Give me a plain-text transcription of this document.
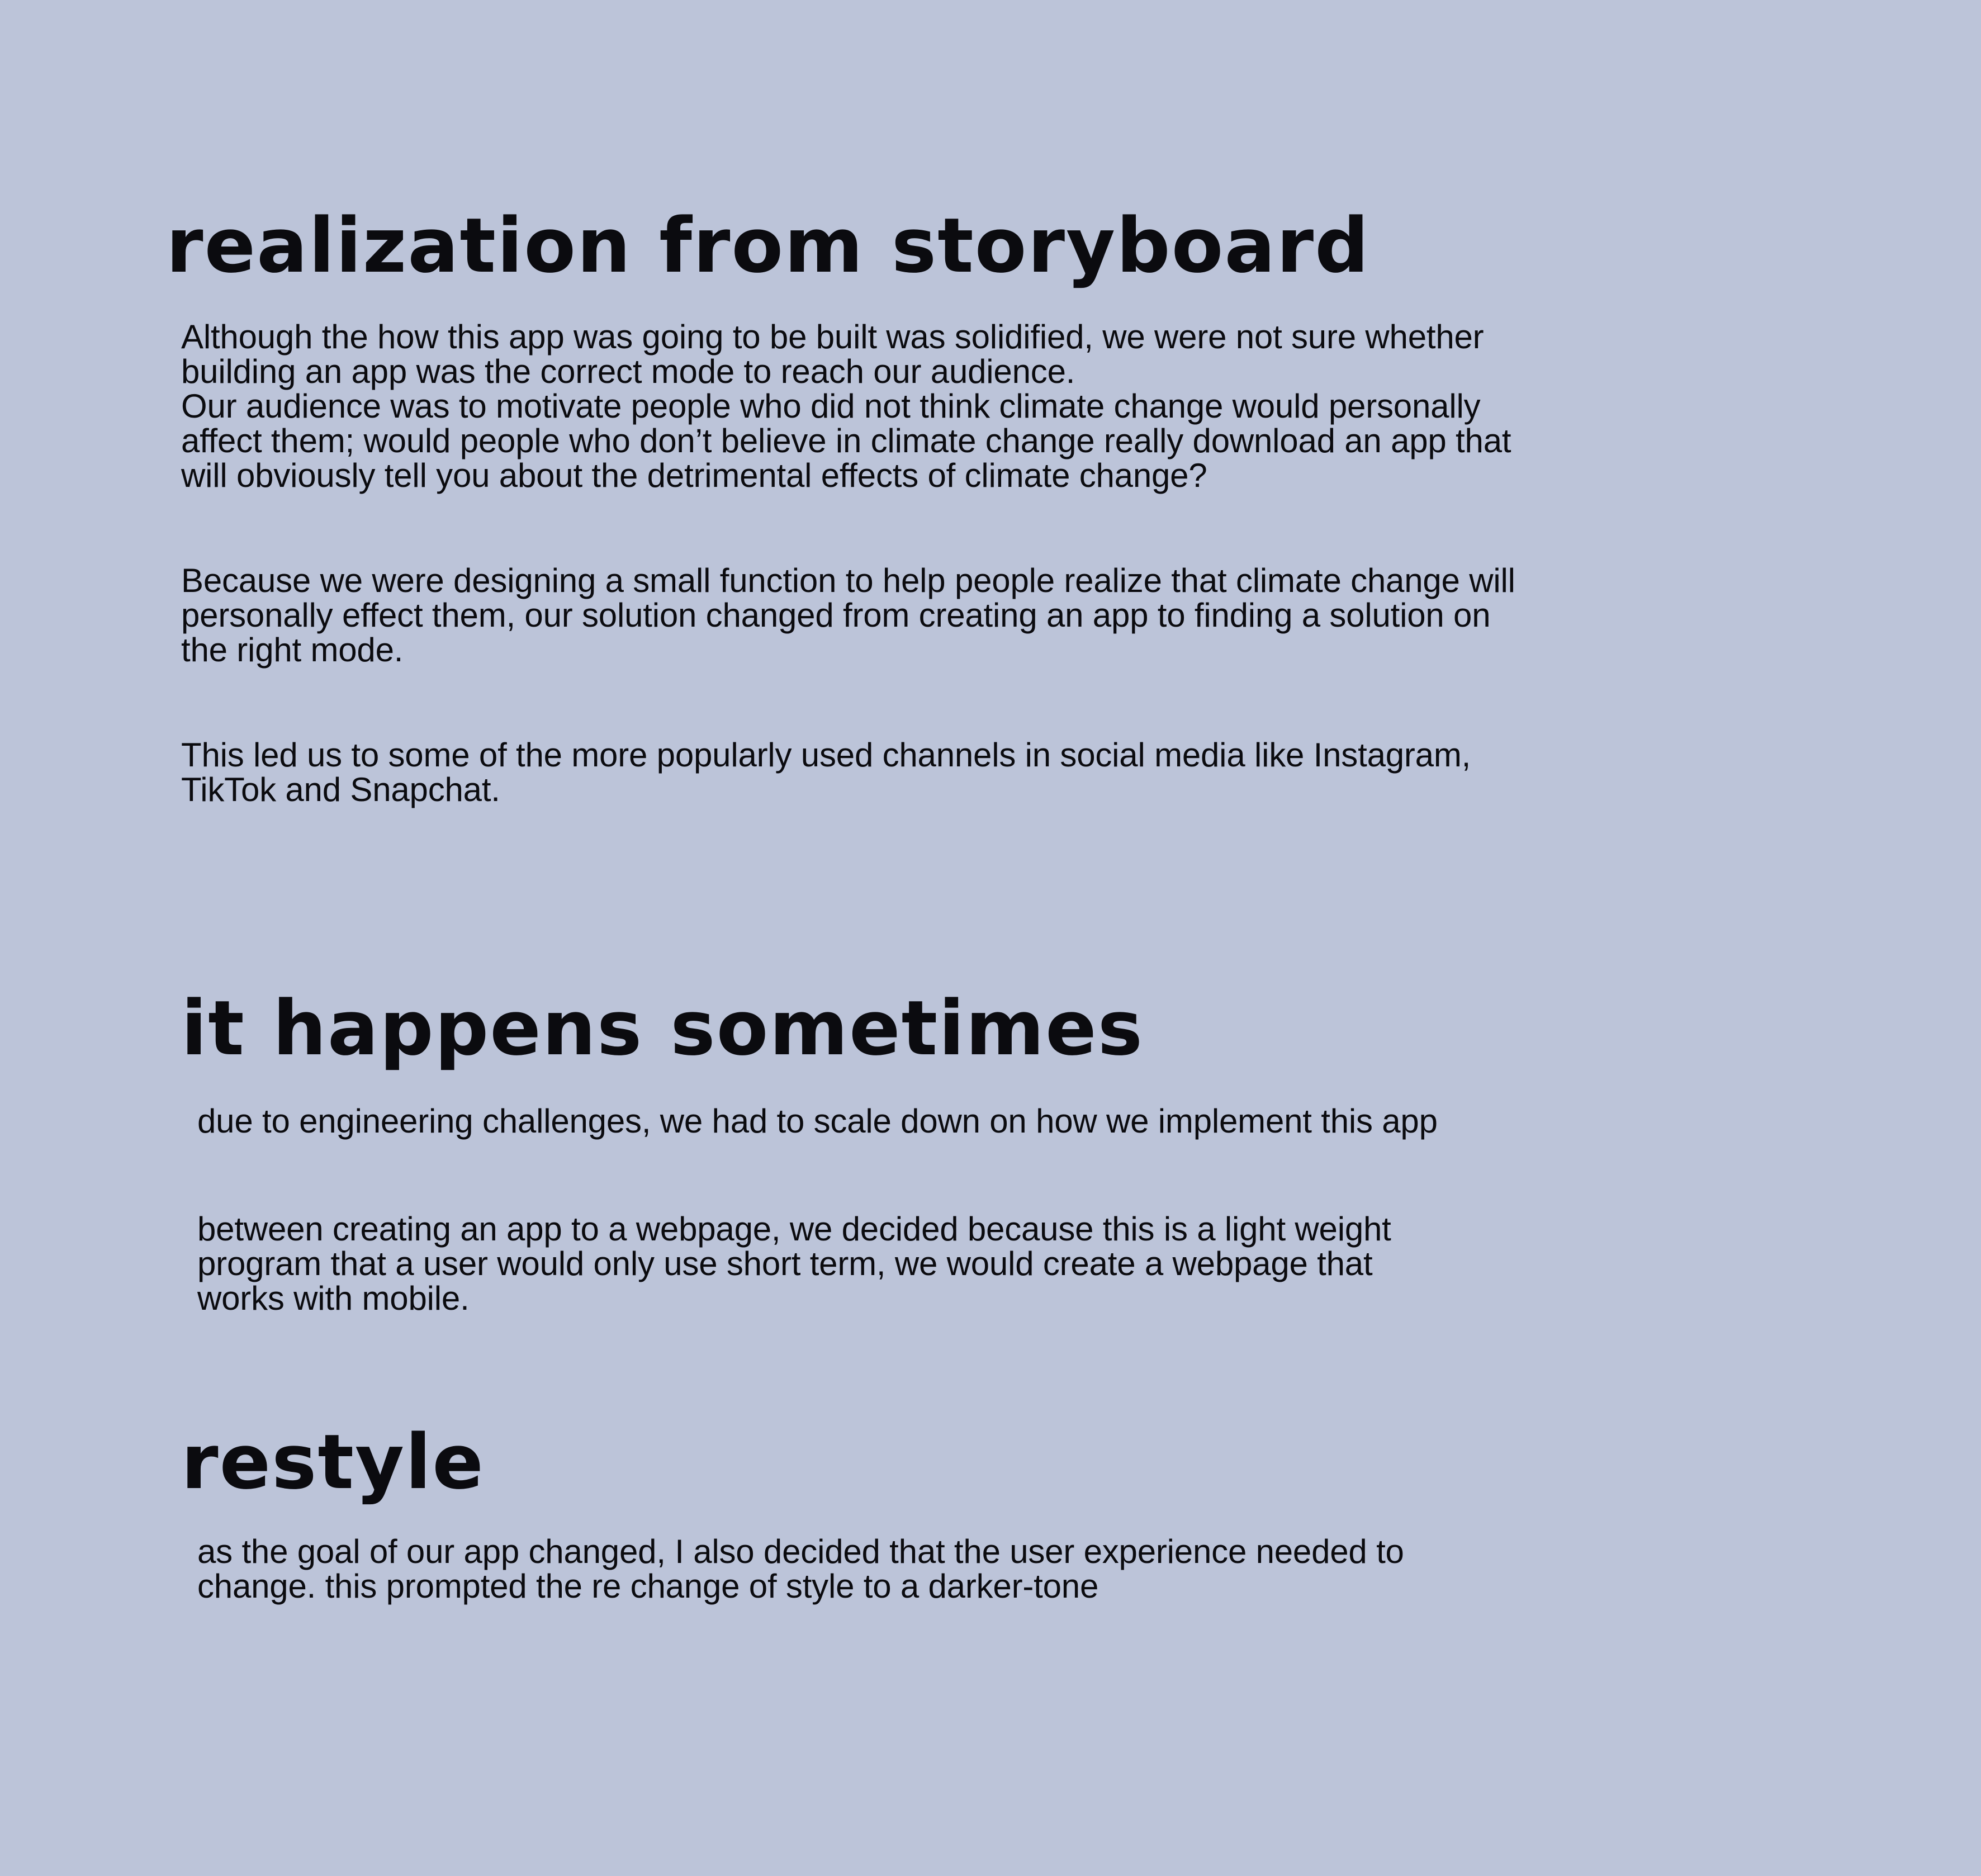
realization from storyboard

Although the how this app was going to be built was solidified, we were not sure whether
building an app was the correct mode to reach our audience.
Our audience was to motivate people who did not think climate change would personally
affect them; would people who don’t believe in climate change really download an app that
will obviously tell you about the detrimental effects of climate change?

Because we were designing a small function to help people realize that climate change will
personally effect them, our solution changed from creating an app to finding a solution on
the right mode.

This led us to some of the more popularly used channels in social media like Instagram,
TikTok and Snapchat.

it happens sometimes

due to engineering challenges, we had to scale down on how we implement this app

between creating an app to a webpage, we decided because this is a light weight
program that a user would only use short term, we would create a webpage that
works with mobile.

restyle

as the goal of our app changed, I also decided that the user experience needed to
change. this prompted the re change of style to a darker-tone
